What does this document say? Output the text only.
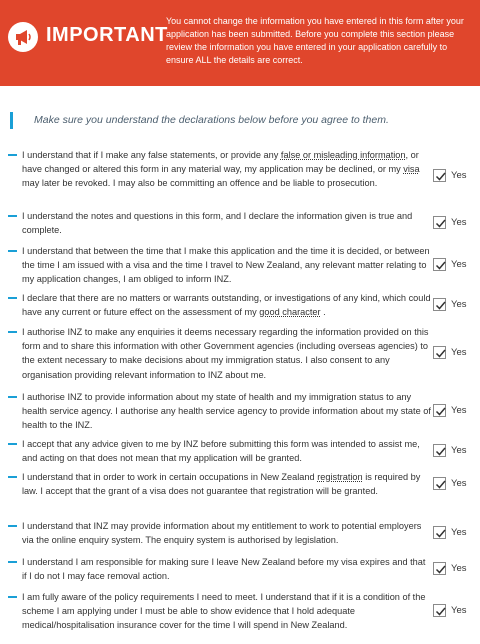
IMPORTANT
You cannot change the information you have entered in this form after your application has been submitted. Before you complete this section please review the information you have entered in your application carefully to ensure ALL the details are correct.
Make sure you understand the declarations below before you agree to them.
I understand that if I make any false statements, or provide any false or misleading information, or have changed or altered this form in any material way, my application may be declined, or my visa may later be revoked. I may also be committing an offence and be liable to prosecution.
Yes
I understand the notes and questions in this form, and I declare the information given is true and complete.
Yes
I understand that between the time that I make this application and the time it is decided, or between the time I am issued with a visa and the time I travel to New Zealand, any relevant matter relating to my application changes, I am obliged to inform INZ.
Yes
I declare that there are no matters or warrants outstanding, or investigations of any kind, which could have any current or future effect on the assessment of my good character .
Yes
I authorise INZ to make any enquiries it deems necessary regarding the information provided on this form and to share this information with other Government agencies (including overseas agencies) to the extent necessary to make decisions about my immigration status. I also consent to any organisation providing relevant information to INZ about me.
Yes
I authorise INZ to provide information about my state of health and my immigration status to any health service agency. I authorise any health service agency to provide information about my state of health to the INZ.
Yes
I accept that any advice given to me by INZ before submitting this form was intended to assist me, and acting on that does not mean that my application will be granted.
Yes
I understand that in order to work in certain occupations in New Zealand registration is required by law. I accept that the grant of a visa does not guarantee that registration will be granted.
Yes
I understand that INZ may provide information about my entitlement to work to potential employers via the online enquiry system. The enquiry system is authorised by legislation.
Yes
I understand I am responsible for making sure I leave New Zealand before my visa expires and that if I do not I may face removal action.
Yes
I am fully aware of the policy requirements I need to meet. I understand that if it is a condition of the scheme I am applying under I must be able to show evidence that I hold adequate medical/hospitalisation insurance cover for the time I will spend in New Zealand.
Yes
